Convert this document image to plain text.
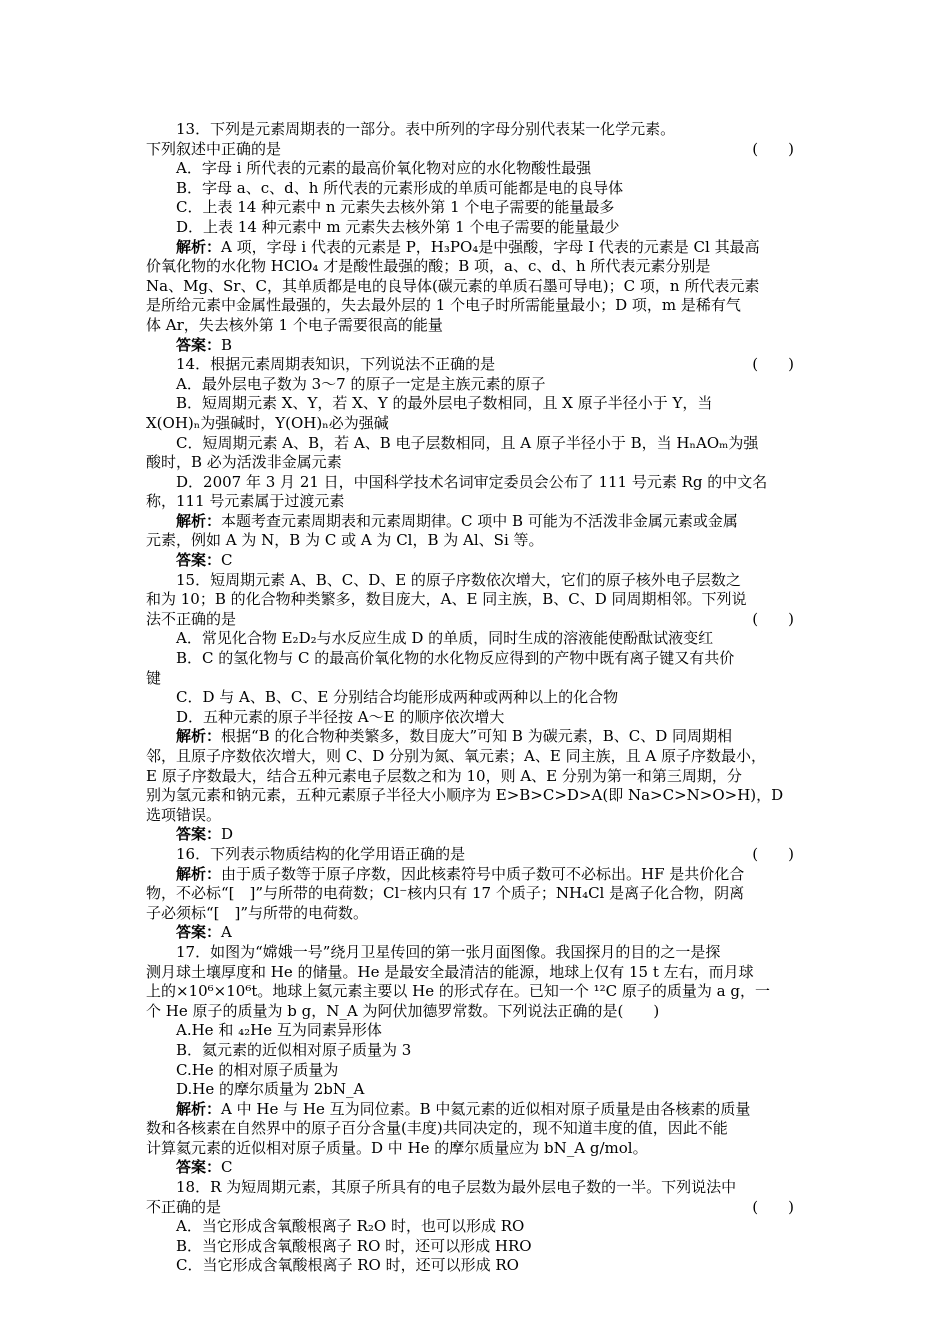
13．下列是元素周期表的一部分。表中所列的字母分别代表某一化学元素。
下列叙述中正确的是	(　　)
A．字母 i 所代表的元素的最高价氧化物对应的水化物酸性最强
B．字母 a、c、d、h 所代表的元素形成的单质可能都是电的良导体
C．上表 14 种元素中 n 元素失去核外第 1 个电子需要的能量最多
D．上表 14 种元素中 m 元素失去核外第 1 个电子需要的能量最少
解析：A 项，字母 i 代表的元素是 P，H₃PO₄是中强酸，字母 I 代表的元素是 Cl 其最高
价氧化物的水化物 HClO₄ 才是酸性最强的酸；B 项，a、c、d、h 所代表元素分别是
Na、Mg、Sr、C，其单质都是电的良导体(碳元素的单质石墨可导电)；C 项，n 所代表元素
是所给元素中金属性最强的，失去最外层的 1 个电子时所需能量最小；D 项，m 是稀有气
体 Ar，失去核外第 1 个电子需要很高的能量
答案：B
14．根据元素周期表知识，下列说法不正确的是	(　　)
A．最外层电子数为 3～7 的原子一定是主族元素的原子
B．短周期元素 X、Y，若 X、Y 的最外层电子数相同，且 X 原子半径小于 Y，当
X(OH)ₙ为强碱时，Y(OH)ₙ必为强碱
C．短周期元素 A、B，若 A、B 电子层数相同，且 A 原子半径小于 B，当 HₙAOₘ为强
酸时，B 必为活泼非金属元素
D．2007 年 3 月 21 日，中国科学技术名词审定委员会公布了 111 号元素 Rg 的中文名
称，111 号元素属于过渡元素
解析：本题考查元素周期表和元素周期律。C 项中 B 可能为不活泼非金属元素或金属
元素，例如 A 为 N，B 为 C 或 A 为 Cl，B 为 Al、Si 等。
答案：C
15．短周期元素 A、B、C、D、E 的原子序数依次增大，它们的原子核外电子层数之
和为 10；B 的化合物种类繁多，数目庞大，A、E 同主族，B、C、D 同周期相邻。下列说
法不正确的是	(　　)
A．常见化合物 E₂D₂与水反应生成 D 的单质，同时生成的溶液能使酚酞试液变红
B．C 的氢化物与 C 的最高价氧化物的水化物反应得到的产物中既有离子键又有共价
键
C．D 与 A、B、C、E 分别结合均能形成两种或两种以上的化合物
D．五种元素的原子半径按 A～E 的顺序依次增大
解析：根据“B 的化合物种类繁多，数目庞大”可知 B 为碳元素，B、C、D 同周期相
邻，且原子序数依次增大，则 C、D 分别为氮、氧元素；A、E 同主族，且 A 原子序数最小，
E 原子序数最大，结合五种元素电子层数之和为 10，则 A、E 分别为第一和第三周期，分
别为氢元素和钠元素，五种元素原子半径大小顺序为 E>B>C>D>A(即 Na>C>N>O>H)，D
选项错误。
答案：D
16．下列表示物质结构的化学用语正确的是	(　　)
解析：由于质子数等于原子序数，因此核素符号中质子数可不必标出。HF 是共价化合
物，不必标“[　]”与所带的电荷数；Cl⁻核内只有 17 个质子；NH₄Cl 是离子化合物，阴离
子必须标“[　]”与所带的电荷数。
答案：A
17．如图为“嫦娥一号”绕月卫星传回的第一张月面图像。我国探月的目的之一是探
测月球土壤厚度和 He 的储量。He 是最安全最清洁的能源，地球上仅有 15 t 左右，而月球
上的×10⁶×10⁶t。地球上氦元素主要以 He 的形式存在。已知一个 ¹²C 原子的质量为 a g，一
个 He 原子的质量为 b g，N_A 为阿伏加德罗常数。下列说法正确的是(　　)
A.He 和 ₄₂He 互为同素异形体
B．氦元素的近似相对原子质量为 3
C.He 的相对原子质量为
D.He 的摩尔质量为 2bN_A
解析：A 中 He 与 He 互为同位素。B 中氦元素的近似相对原子质量是由各核素的质量
数和各核素在自然界中的原子百分含量(丰度)共同决定的，现不知道丰度的值，因此不能
计算氦元素的近似相对原子质量。D 中 He 的摩尔质量应为 bN_A g/mol。
答案：C
18．R 为短周期元素，其原子所具有的电子层数为最外层电子数的一半。下列说法中
不正确的是	(　　)
A．当它形成含氧酸根离子 R₂O 时，也可以形成 RO
B．当它形成含氧酸根离子 RO 时，还可以形成 HRO
C．当它形成含氧酸根离子 RO 时，还可以形成 RO
